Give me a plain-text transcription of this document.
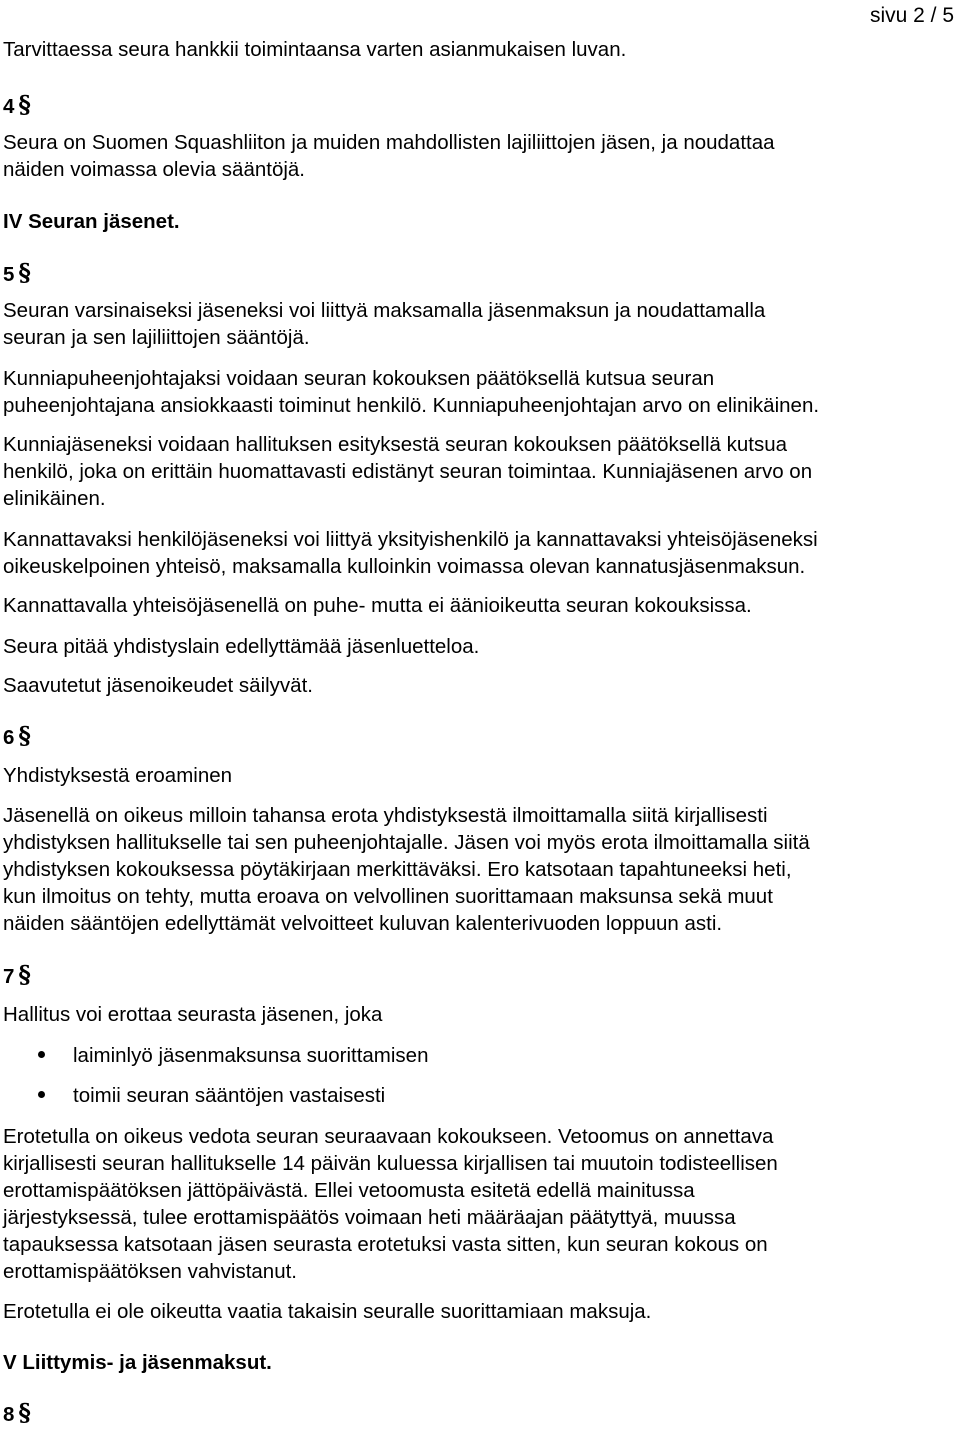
sivu 2 / 5

Tarvittaessa seura hankkii toimintaansa varten asianmukaisen luvan.

4 §

Seura on Suomen Squashliiton ja muiden mahdollisten lajiliittojen jäsen, ja noudattaa

näiden voimassa olevia sääntöjä.

IV Seuran jäsenet.

5 §

Seuran varsinaiseksi jäseneksi voi liittyä maksamalla jäsenmaksun ja noudattamalla

seuran ja sen lajiliittojen sääntöjä.

Kunniapuheenjohtajaksi voidaan seuran kokouksen päätöksellä kutsua seuran

puheenjohtajana ansiokkaasti toiminut henkilö. Kunniapuheenjohtajan arvo on elinikäinen.

Kunniajäseneksi voidaan hallituksen esityksestä seuran kokouksen päätöksellä kutsua

henkilö, joka on erittäin huomattavasti edistänyt seuran toimintaa. Kunniajäsenen arvo on

elinikäinen.

Kannattavaksi henkilöjäseneksi voi liittyä yksityishenkilö ja kannattavaksi yhteisöjäseneksi

oikeuskelpoinen yhteisö, maksamalla kulloinkin voimassa olevan kannatusjäsenmaksun.

Kannattavalla yhteisöjäsenellä on puhe- mutta ei äänioikeutta seuran kokouksissa.

Seura pitää yhdistyslain edellyttämää jäsenluetteloa.

Saavutetut jäsenoikeudet säilyvät.

6 §

Yhdistyksestä eroaminen

Jäsenellä on oikeus milloin tahansa erota yhdistyksestä ilmoittamalla siitä kirjallisesti

yhdistyksen hallitukselle tai sen puheenjohtajalle. Jäsen voi myös erota ilmoittamalla siitä

yhdistyksen kokouksessa pöytäkirjaan merkittäväksi. Ero katsotaan tapahtuneeksi heti,

kun ilmoitus on tehty, mutta eroava on velvollinen suorittamaan maksunsa sekä muut

näiden sääntöjen edellyttämät velvoitteet kuluvan kalenterivuoden loppuun asti.

7 §

Hallitus voi erottaa seurasta jäsenen, joka

laiminlyö jäsenmaksunsa suorittamisen
toimii seuran sääntöjen vastaisesti

Erotetulla on oikeus vedota seuran seuraavaan kokoukseen. Vetoomus on annettava

kirjallisesti seuran hallitukselle 14 päivän kuluessa kirjallisen tai muutoin todisteellisen

erottamispäätöksen jättöpäivästä. Ellei vetoomusta esitetä edellä mainitussa

järjestyksessä, tulee erottamispäätös voimaan heti määräajan päätyttyä, muussa

tapauksessa katsotaan jäsen seurasta erotetuksi vasta sitten, kun seuran kokous on

erottamispäätöksen vahvistanut.

Erotetulla ei ole oikeutta vaatia takaisin seuralle suorittamiaan maksuja.

V Liittymis- ja jäsenmaksut.

8 §
